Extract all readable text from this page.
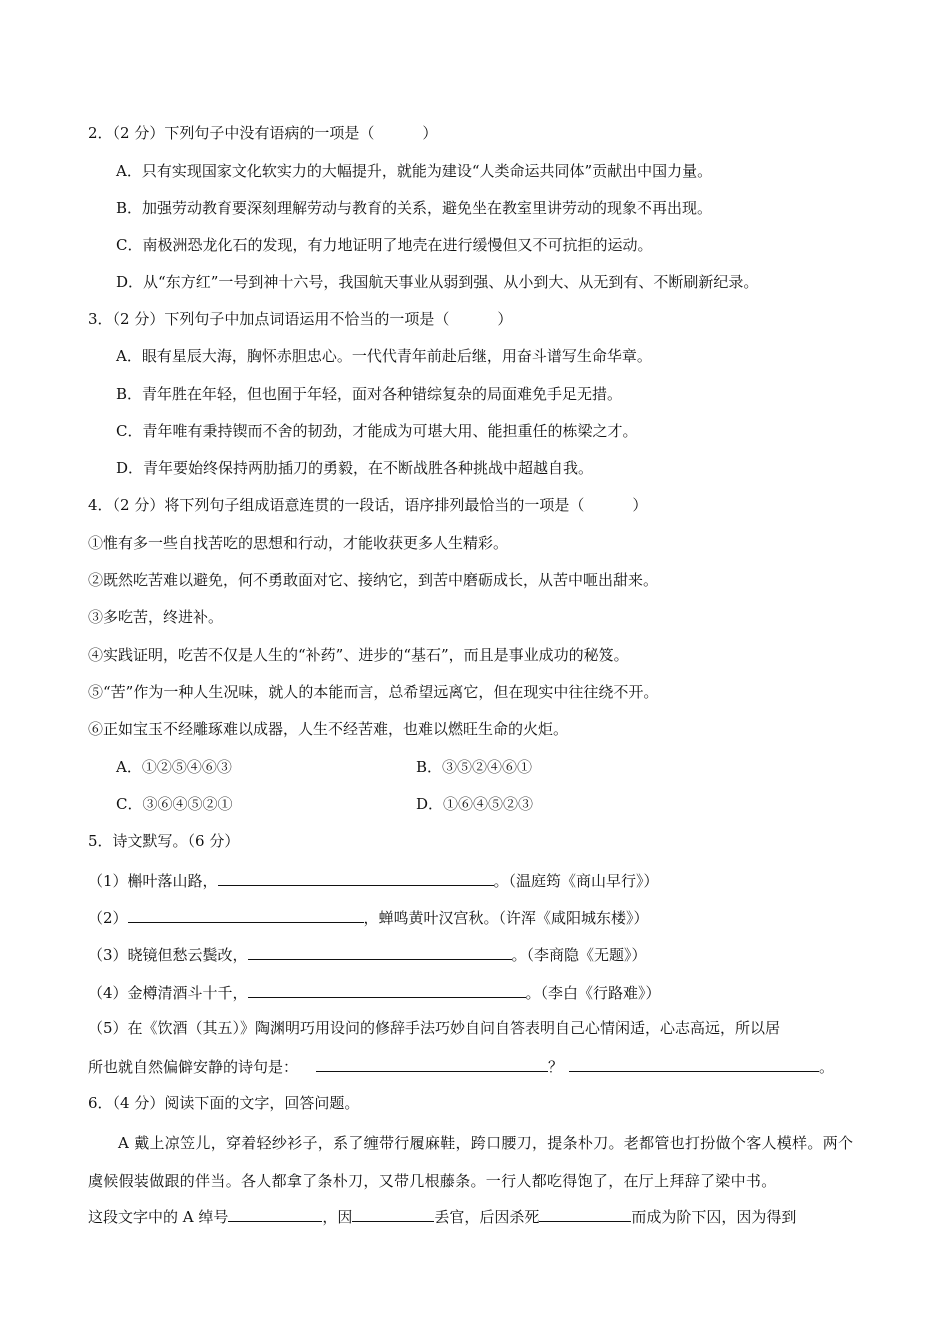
2．（2 分）下列句子中没有语病的一项是（	）
A．只有实现国家文化软实力的大幅提升，就能为建设“人类命运共同体”贡献出中国力量。
B．加强劳动教育要深刻理解劳动与教育的关系，避免坐在教室里讲劳动的现象不再出现。
C．南极洲恐龙化石的发现，有力地证明了地壳在进行缓慢但又不可抗拒的运动。
D．从“东方红”一号到神十六号，我国航天事业从弱到强、从小到大、从无到有、不断刷新纪录。
3．（2 分）下列句子中加点词语运用不恰当的一项是（	）
A．眼有星辰大海，胸怀赤胆忠心。一代代青年前赴后继，用奋斗谱写生命华章。
B．青年胜在年轻，但也囿于年轻，面对各种错综复杂的局面难免手足无措。
C．青年唯有秉持锲而不舍的韧劲，才能成为可堪大用、能担重任的栋梁之才。
D．青年要始终保持两肋插刀的勇毅，在不断战胜各种挑战中超越自我。
4．（2 分）将下列句子组成语意连贯的一段话，语序排列最恰当的一项是（	）
①惟有多一些自找苦吃的思想和行动，才能收获更多人生精彩。
②既然吃苦难以避免，何不勇敢面对它、接纳它，到苦中磨砺成长，从苦中咂出甜来。
③多吃苦，终进补。
④实践证明，吃苦不仅是人生的“补药”、进步的“基石”，而且是事业成功的秘笈。
⑤“苦”作为一种人生况味，就人的本能而言，总希望远离它，但在现实中往往绕不开。
⑥正如宝玉不经雕琢难以成器，人生不经苦难，也难以燃旺生命的火炬。
A．①②⑤④⑥③	B．③⑤②④⑥①
C．③⑥④⑤②①	D．①⑥④⑤②③
5．诗文默写。（6 分）
（1）槲叶落山路，	。（温庭筠《商山早行》）
（2）	，蝉鸣黄叶汉宫秋。（许浑《咸阳城东楼》）
（3）晓镜但愁云鬓改，	。（李商隐《无题》）
（4）金樽清酒斗十千，	。（李白《行路难》）
（5）在《饮酒（其五）》陶渊明巧用设问的修辞手法巧妙自问自答表明自己心情闲适，心志高远，所以居
所也就自然偏僻安静的诗句是：	？	。
6．（4 分）阅读下面的文字，回答问题。
A 戴上凉笠儿，穿着轻纱衫子，系了缠带行履麻鞋，跨口腰刀，提条朴刀。老都管也打扮做个客人模样。两个虞候假装做跟的伴当。各人都拿了条朴刀，又带几根藤条。一行人都吃得饱了，在厅上拜辞了梁中书。
这段文字中的 A 绰号	，因	丢官，后因杀死	而成为阶下囚，因为得到
